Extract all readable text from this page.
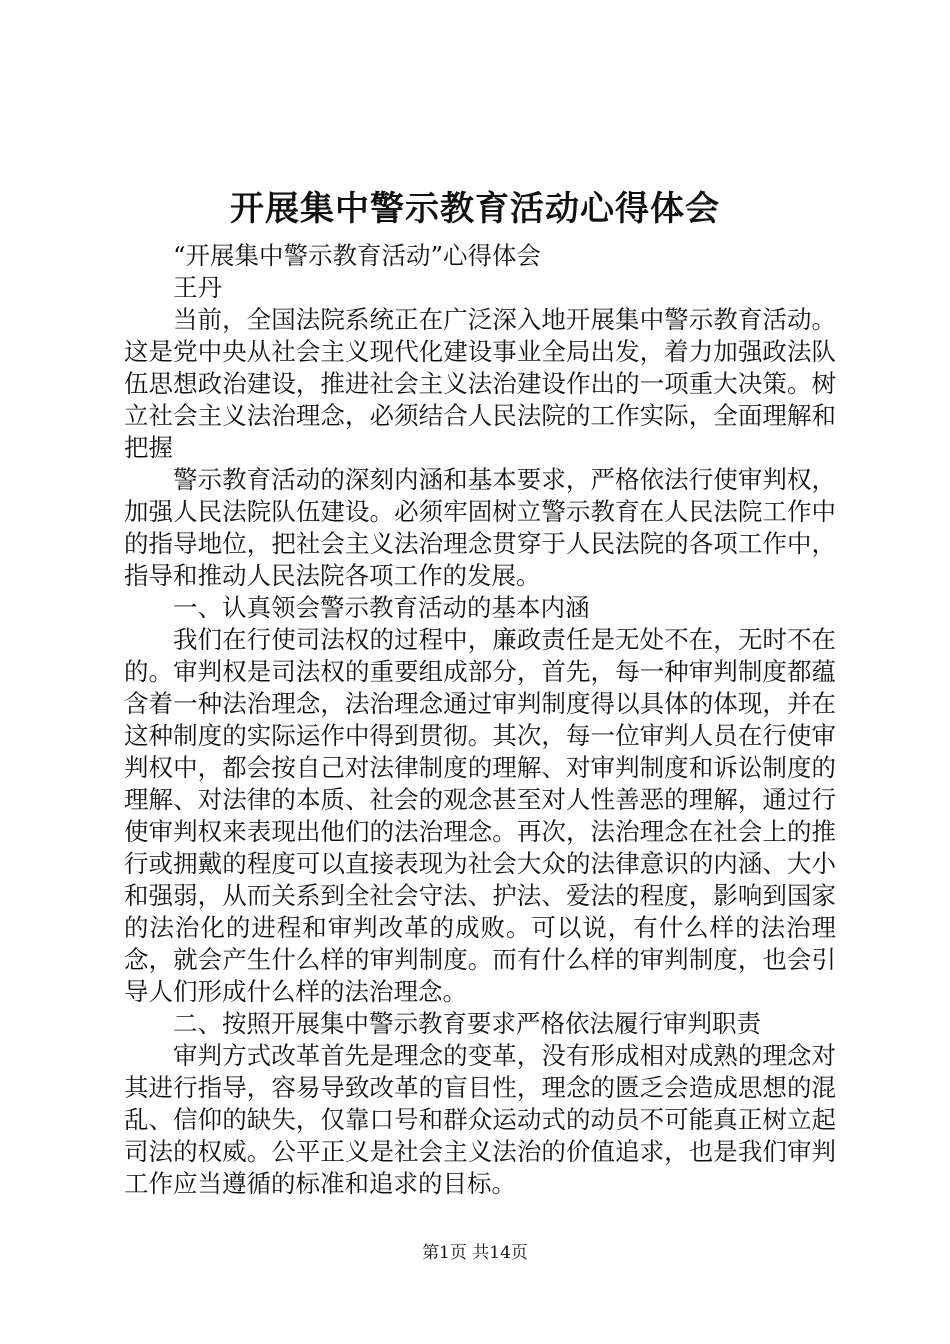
开展集中警示教育活动心得体会

“开展集中警示教育活动”心得体会

王丹

当前，全国法院系统正在广泛深入地开展集中警示教育活动。这是党中央从社会主义现代化建设事业全局出发，着力加强政法队伍思想政治建设，推进社会主义法治建设作出的一项重大决策。树立社会主义法治理念，必须结合人民法院的工作实际，全面理解和把握

警示教育活动的深刻内涵和基本要求，严格依法行使审判权，加强人民法院队伍建设。必须牢固树立警示教育在人民法院工作中的指导地位，把社会主义法治理念贯穿于人民法院的各项工作中，指导和推动人民法院各项工作的发展。

一、认真领会警示教育活动的基本内涵

我们在行使司法权的过程中，廉政责任是无处不在，无时不在的。审判权是司法权的重要组成部分，首先，每一种审判制度都蕴含着一种法治理念，法治理念通过审判制度得以具体的体现，并在这种制度的实际运作中得到贯彻。其次，每一位审判人员在行使审判权中，都会按自己对法律制度的理解、对审判制度和诉讼制度的理解、对法律的本质、社会的观念甚至对人性善恶的理解，通过行使审判权来表现出他们的法治理念。再次，法治理念在社会上的推行或拥戴的程度可以直接表现为社会大众的法律意识的内涵、大小和强弱，从而关系到全社会守法、护法、爱法的程度，影响到国家的法治化的进程和审判改革的成败。可以说，有什么样的法治理念，就会产生什么样的审判制度。而有什么样的审判制度，也会引导人们形成什么样的法治理念。

二、按照开展集中警示教育要求严格依法履行审判职责

审判方式改革首先是理念的变革，没有形成相对成熟的理念对其进行指导，容易导致改革的盲目性，理念的匮乏会造成思想的混乱、信仰的缺失，仅靠口号和群众运动式的动员不可能真正树立起司法的权威。公平正义是社会主义法治的价值追求，也是我们审判工作应当遵循的标准和追求的目标。

第1页 共14页
